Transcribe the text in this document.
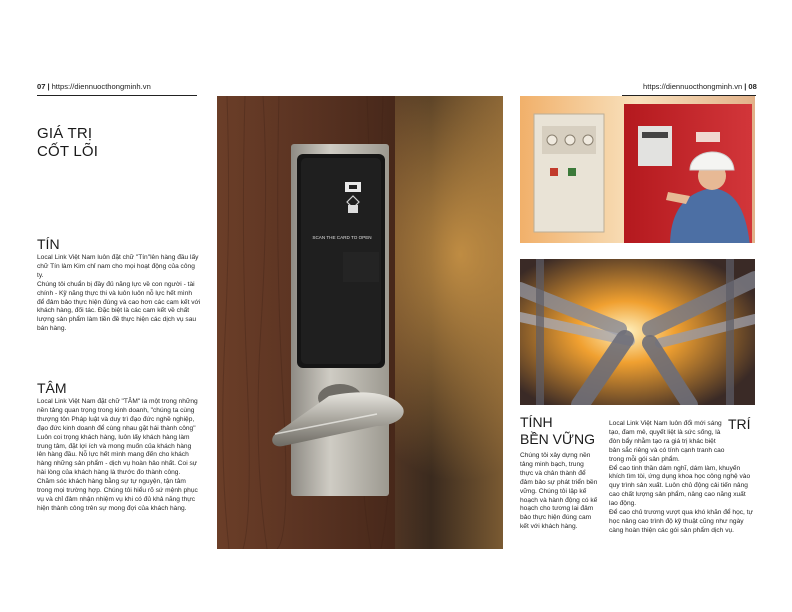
07 | https://diennuocthongminh.vn	https://diennuocthongminh.vn | 08
GIÁ TRỊ
CỐT LÕI
TÍN

Local Link Việt Nam luôn đặt chữ "Tín"lên hàng đầu lấy chữ Tín làm Kim chỉ nam cho mọi hoạt động của công ty.

Chúng tôi chuẩn bị đầy đủ năng lực về con người - tài chính - Kỹ năng thực thi và luôn luôn nỗ lực hết mình để đảm bảo thực hiện đúng và cao hơn các cam kết với khách hàng, đối tác. Đặc biệt là các cam kết về chất lượng sản phẩm làm tiền đề thực hiện các dịch vụ sau bán hàng.

TÂM

Local Link Việt Nam đặt chữ "TÂM" là một trong những nền tảng quan trọng trong kinh doanh, "chúng ta cùng thượng tôn Pháp luật và duy trì đạo đức nghề nghiệp, đạo đức kinh doanh để cùng nhau gặt hái thành công"

Luôn coi trọng khách hàng, luôn lấy khách hàng làm trung tâm, đặt lợi ích và mong muốn của khách hàng lên hàng đầu. Nỗ lực hết mình mang đến cho khách hàng những sản phẩm - dịch vụ hoàn hảo nhất. Coi sự hài lòng của khách hàng là thước đo thành công.

Chăm sóc khách hàng bằng sự tự nguyện, tận tâm trong mọi trường hợp. Chúng tôi hiểu rõ sứ mệnh phục vụ và chỉ đảm nhận nhiệm vụ khi có đủ khả năng thực hiện thành công trên sự mong đợi của khách hàng.

SCAN THE CARD TO OPEN
TÍNH
BỀN VỮNG
Chúng tôi xây dựng nền tảng minh bạch, trung thực và chân thành để đảm bảo sự phát triển bền vững. Chúng tôi lập kế hoạch và hành động có kế hoạch cho tương lai đảm bảo thực hiện đúng cam kết với khách hàng.
TRÍ

Local Link Việt Nam luôn đổi mới sáng tạo, đam mê, quyết liệt là sức sống, là đòn bẩy nhằm tạo ra giá trị khác biệt bản sắc riêng và có tính cạnh tranh cao trong mỗi gói sản phẩm.

Để cao tinh thần dám nghĩ, dám làm, khuyến khích tìm tòi, ứng dụng khoa học công nghệ vào quy trình sản xuất. Luôn chủ động cải tiến nâng cao chất lượng sản phẩm, nâng cao năng xuất lao động.

Để cao chủ trương vượt qua khó khăn để học, tự học nâng cao trình độ kỹ thuật cũng như ngày càng hoàn thiện các gói sản phẩm dịch vụ.
